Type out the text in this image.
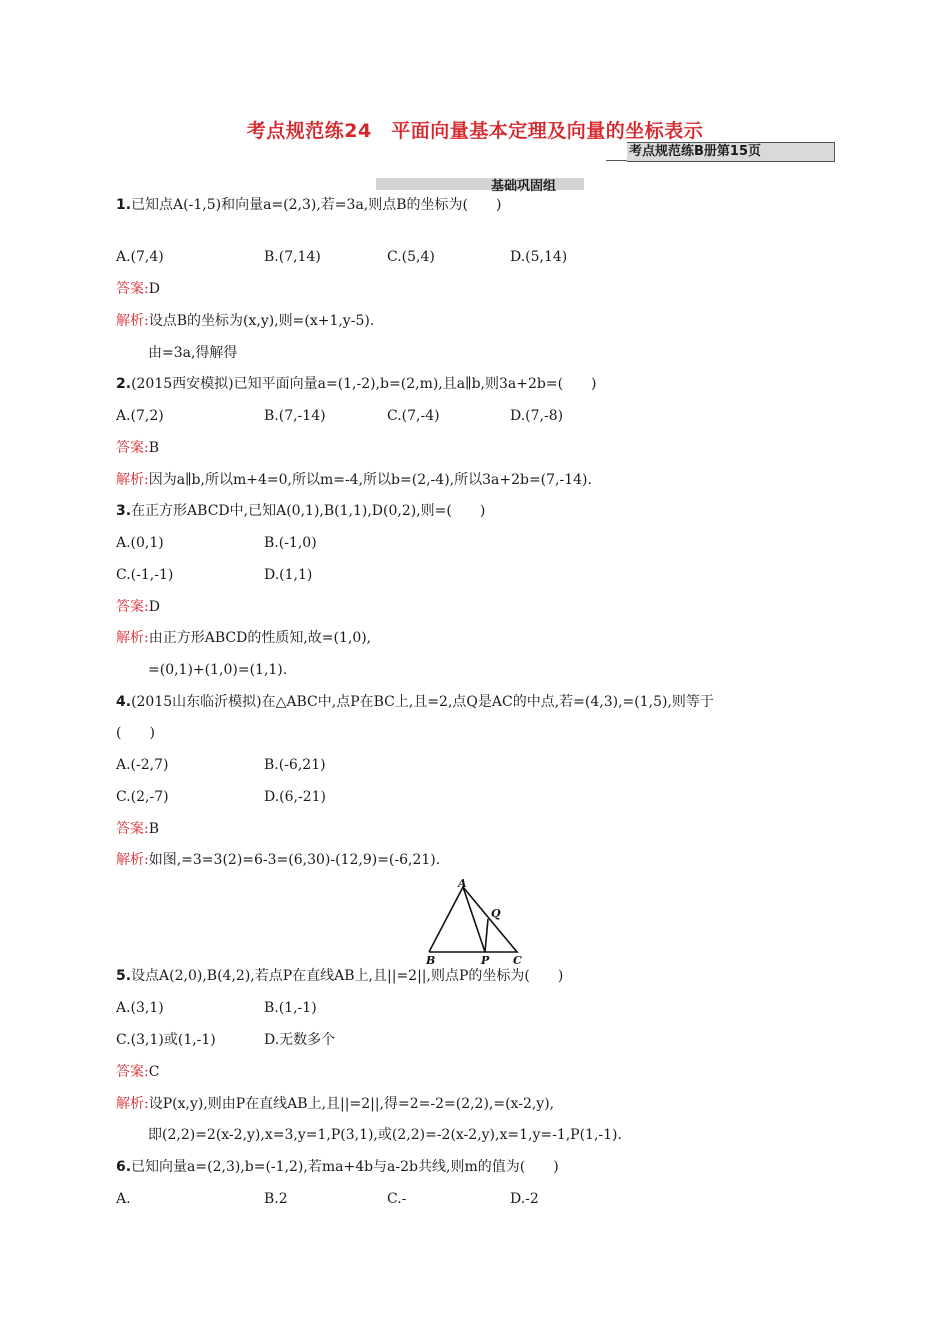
考点规范练24　平面向量基本定理及向量的坐标表示
考点规范练B册第15页
基础巩固组
1.已知点A(-1,5)和向量a=(2,3),若=3a,则点B的坐标为(　　)
A.(7,4)	B.(7,14)	C.(5,4)	D.(5,14)
答案:D
解析:设点B的坐标为(x,y),则=(x+1,y-5).
由=3a,得解得
2.(2015西安模拟)已知平面向量a=(1,-2),b=(2,m),且a∥b,则3a+2b=(　　)
A.(7,2)	B.(7,-14)	C.(7,-4)	D.(7,-8)
答案:B
解析:因为a∥b,所以m+4=0,所以m=-4,所以b=(2,-4),所以3a+2b=(7,-14).
3.在正方形ABCD中,已知A(0,1),B(1,1),D(0,2),则=(　　)
A.(0,1)	B.(-1,0)
C.(-1,-1)	D.(1,1)
答案:D
解析:由正方形ABCD的性质知,故=(1,0),
=(0,1)+(1,0)=(1,1).
4.(2015山东临沂模拟)在△ABC中,点P在BC上,且=2,点Q是AC的中点,若=(4,3),=(1,5),则等于
(　　)
A.(-2,7)	B.(-6,21)
C.(2,-7)	D.(6,-21)
答案:B
解析:如图,=3=3(2)=6-3=(6,30)-(12,9)=(-6,21).
A
B	C
P
Q
5.设点A(2,0),B(4,2),若点P在直线AB上,且||=2||,则点P的坐标为(　　)
A.(3,1)	B.(1,-1)
C.(3,1)或(1,-1)	D.无数多个
答案:C
解析:设P(x,y),则由P在直线AB上,且||=2||,得=2=-2=(2,2),=(x-2,y),
即(2,2)=2(x-2,y),x=3,y=1,P(3,1),或(2,2)=-2(x-2,y),x=1,y=-1,P(1,-1).
6.已知向量a=(2,3),b=(-1,2),若ma+4b与a-2b共线,则m的值为(　　)
A.	B.2	C.-	D.-2
